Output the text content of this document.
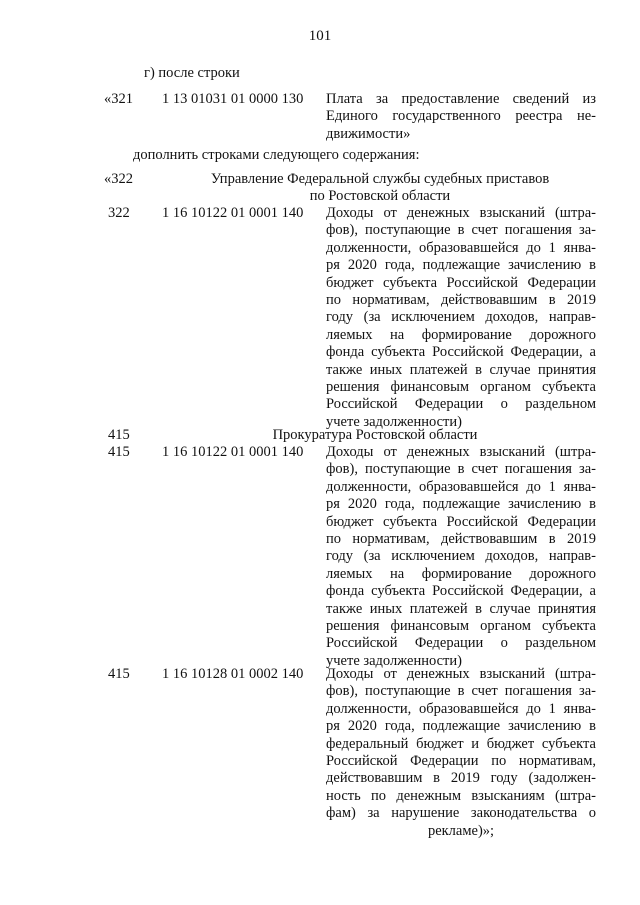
101
г) после строки
«321 1 13 01031 01 0000 130 Плата за предоставление сведений из
Единого государственного реестра не-
движимости»
дополнить строками следующего содержания:
«322	Управление Федеральной службы судебных приставов
по Ростовской области
322 1 16 10122 01 0001 140 Доходы от денежных взысканий (штра-
фов), поступающие в счет погашения за-
долженности, образовавшейся до 1 янва-
ря 2020 года, подлежащие зачислению в
бюджет субъекта Российской Федерации
по нормативам, действовавшим в 2019
году (за исключением доходов, направ-
ляемых на формирование дорожного
фонда субъекта Российской Федерации, а
также иных платежей в случае принятия
решения финансовым органом субъекта
Российской Федерации о раздельном
учете задолженности)
415	Прокуратура Ростовской области
415 1 16 10122 01 0001 140 Доходы от денежных взысканий (штра-
фов), поступающие в счет погашения за-
долженности, образовавшейся до 1 янва-
ря 2020 года, подлежащие зачислению в
бюджет субъекта Российской Федерации
по нормативам, действовавшим в 2019
году (за исключением доходов, направ-
ляемых на формирование дорожного
фонда субъекта Российской Федерации, а
также иных платежей в случае принятия
решения финансовым органом субъекта
Российской Федерации о раздельном
учете задолженности)
415 1 16 10128 01 0002 140 Доходы от денежных взысканий (штра-
фов), поступающие в счет погашения за-
долженности, образовавшейся до 1 янва-
ря 2020 года, подлежащие зачислению в
федеральный бюджет и бюджет субъекта
Российской Федерации по нормативам,
действовавшим в 2019 году (задолжен-
ность по денежным взысканиям (штра-
фам) за нарушение законодательства о
рекламе)»;
